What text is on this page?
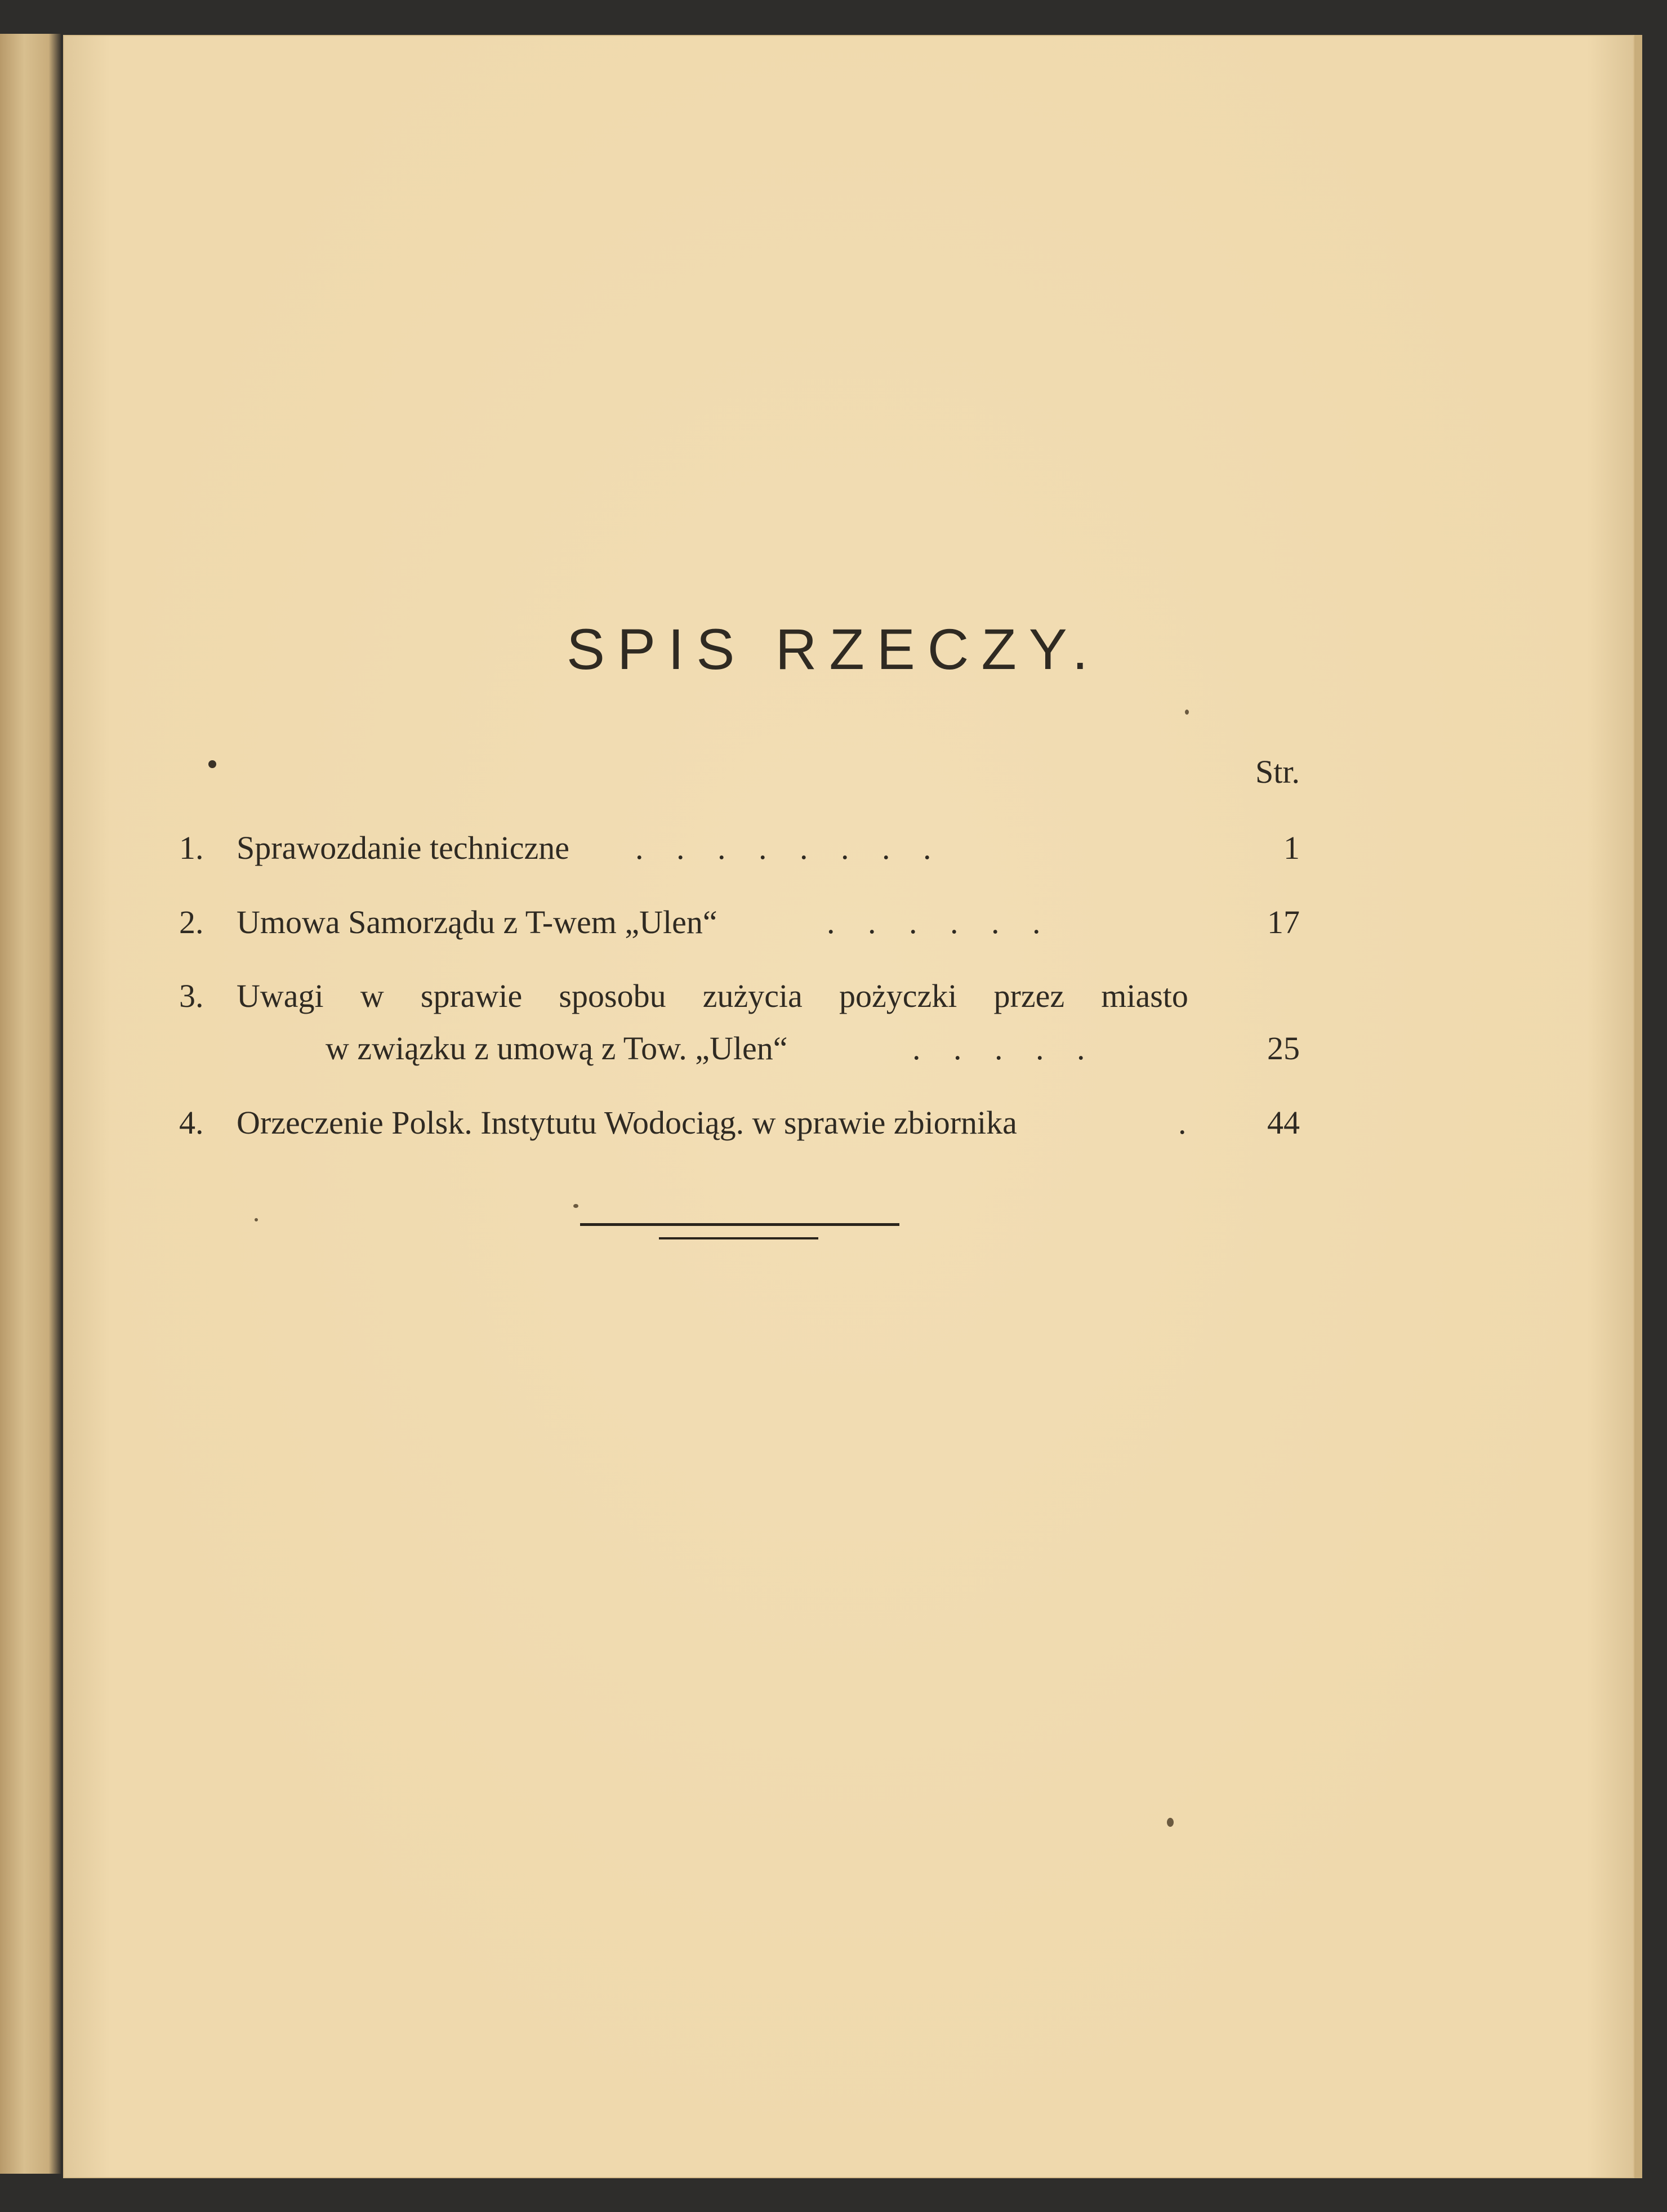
SPIS RZECZY.
Str.
1. Sprawozdanie techniczne . . . . . . . .	1
2. Umowa Samorządu z T-wem „Ulen“	. . . . . .	17
3. Uwagi w sprawie sposobu zużycia pożyczki przez miasto
w związku z umową z Tow. „Ulen“	. . . . .	25
4. Orzeczenie Polsk. Instytutu Wodociąg. w sprawie zbiornika	.	44
